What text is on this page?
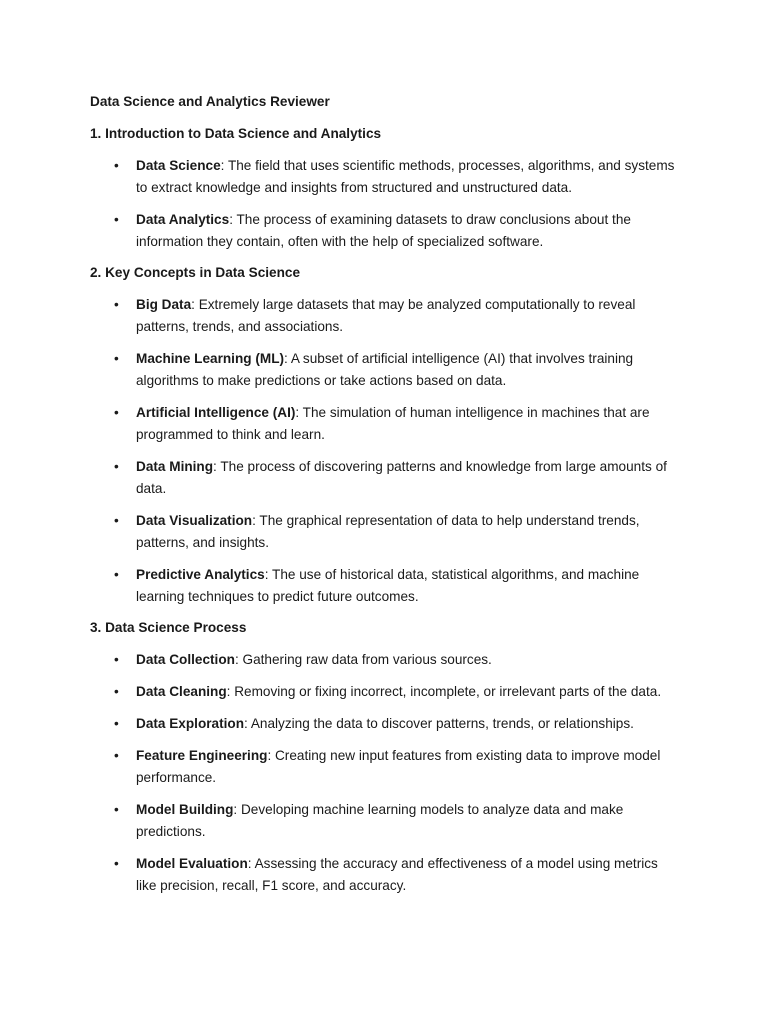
Data Science and Analytics Reviewer
1. Introduction to Data Science and Analytics
• Data Science: The field that uses scientific methods, processes, algorithms, and systems to extract knowledge and insights from structured and unstructured data.
• Data Analytics: The process of examining datasets to draw conclusions about the information they contain, often with the help of specialized software.
2. Key Concepts in Data Science
• Big Data: Extremely large datasets that may be analyzed computationally to reveal patterns, trends, and associations.
• Machine Learning (ML): A subset of artificial intelligence (AI) that involves training algorithms to make predictions or take actions based on data.
• Artificial Intelligence (AI): The simulation of human intelligence in machines that are programmed to think and learn.
• Data Mining: The process of discovering patterns and knowledge from large amounts of data.
• Data Visualization: The graphical representation of data to help understand trends, patterns, and insights.
• Predictive Analytics: The use of historical data, statistical algorithms, and machine learning techniques to predict future outcomes.
3. Data Science Process
• Data Collection: Gathering raw data from various sources.
• Data Cleaning: Removing or fixing incorrect, incomplete, or irrelevant parts of the data.
• Data Exploration: Analyzing the data to discover patterns, trends, or relationships.
• Feature Engineering: Creating new input features from existing data to improve model performance.
• Model Building: Developing machine learning models to analyze data and make predictions.
• Model Evaluation: Assessing the accuracy and effectiveness of a model using metrics like precision, recall, F1 score, and accuracy.
